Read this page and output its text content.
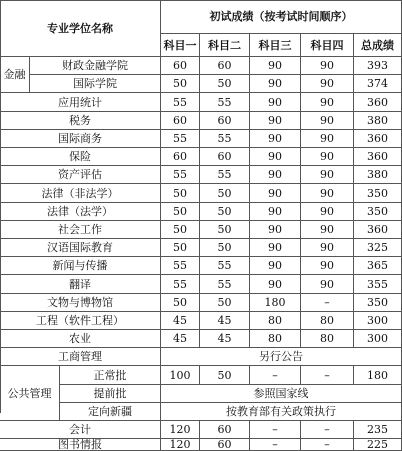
专业学位名称
初试成绩（按考试时间顺序）
科目一	科目二	科目三	科目四	总成绩
金融
财政金融学院	60	60	90	90	393
国际学院	50	50	90	90	374
应用统计	55	55	90	90	360
税务	60	60	90	90	380
国际商务	55	55	90	90	360
保险	60	60	90	90	360
资产评估	55	55	90	90	380
法律（非法学）	50	50	90	90	350
法律（法学）	50	50	90	90	350
社会工作	50	50	90	90	360
汉语国际教育	50	50	90	90	325
新闻与传播	55	55	90	90	365
翻译	55	55	90	90	355
文物与博物馆	50	50	180	–	350
工程（软件工程）	45	45	80	80	300
农业	45	45	80	80	300
工商管理	另行公告
公共管理
正常批	100	50	–	–	180
提前批	参照国家线
定向新疆	按教育部有关政策执行
会计	120	60	–	–	235
图书情报	120	60	–	–	225
